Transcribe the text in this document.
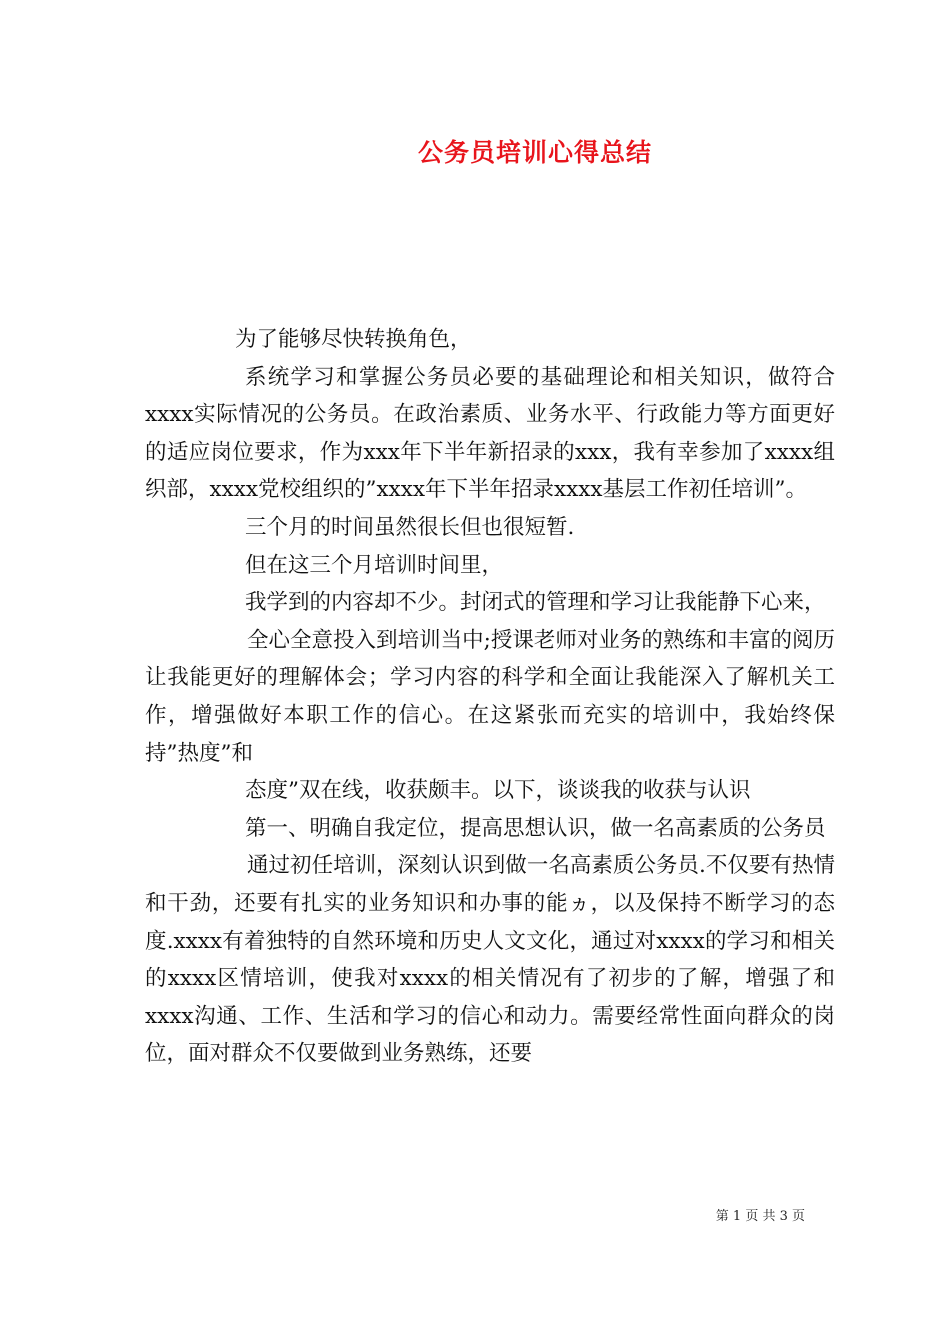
公务员培训心得总结

为了能够尽快转换角色，

系统学习和掌握公务员必要的基础理论和相关知识，做符合xxxx实际情况的公务员。在政治素质、业务水平、行政能力等方面更好的适应岗位要求，作为xxx年下半年新招录的xxx，我有幸参加了xxxx组织部，xxxx党校组织的”xxxx年下半年招录xxxx基层工作初任培训”。

三个月的时间虽然很长但也很短暂.

但在这三个月培训时间里，

我学到的内容却不少。封闭式的管理和学习让我能静下心来，

全心全意投入到培训当中;授课老师对业务的熟练和丰富的阅历让我能更好的理解体会；学习内容的科学和全面让我能深入了解机关工作，增强做好本职工作的信心。在这紧张而充实的培训中，我始终保持”热度”和

态度”双在线，收获颇丰。以下，谈谈我的收获与认识

第一、明确自我定位，提高思想认识，做一名高素质的公务员

通过初任培训，深刻认识到做一名高素质公务员.不仅要有热情和干劲，还要有扎实的业务知识和办事的能ヵ，以及保持不断学习的态度.xxxx有着独特的自然环境和历史人文文化，通过对xxxx的学习和相关的xxxx区情培训，使我对xxxx的相关情况有了初步的了解，增强了和xxxx沟通、工作、生活和学习的信心和动力。需要经常性面向群众的岗位，面对群众不仅要做到业务熟练，还要

第 1 页 共 3 页
